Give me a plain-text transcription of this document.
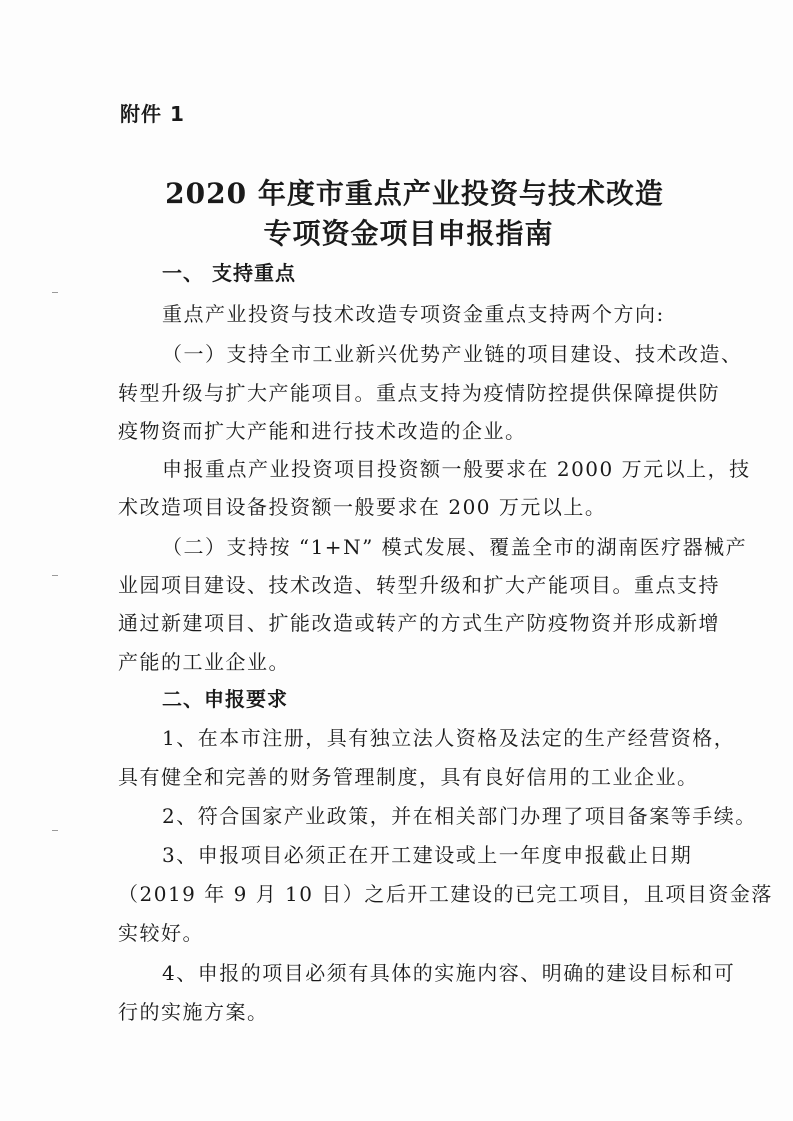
附件 1
2020 年度市重点产业投资与技术改造
专项资金项目申报指南
一、 支持重点
重点产业投资与技术改造专项资金重点支持两个方向:
（一）支持全市工业新兴优势产业链的项目建设、技术改造、
转型升级与扩大产能项目。重点支持为疫情防控提供保障提供防
疫物资而扩大产能和进行技术改造的企业。
申报重点产业投资项目投资额一般要求在 2000 万元以上，技
术改造项目设备投资额一般要求在 200 万元以上。
（二）支持按 “1+N” 模式发展、覆盖全市的湖南医疗器械产
业园项目建设、技术改造、转型升级和扩大产能项目。重点支持
通过新建项目、扩能改造或转产的方式生产防疫物资并形成新增
产能的工业企业。
二、申报要求
1、在本市注册，具有独立法人资格及法定的生产经营资格，
具有健全和完善的财务管理制度，具有良好信用的工业企业。
2、符合国家产业政策，并在相关部门办理了项目备案等手续。
3、申报项目必须正在开工建设或上一年度申报截止日期
（2019 年 9 月 10 日）之后开工建设的已完工项目，且项目资金落
实较好。
4、申报的项目必须有具体的实施内容、明确的建设目标和可
行的实施方案。
